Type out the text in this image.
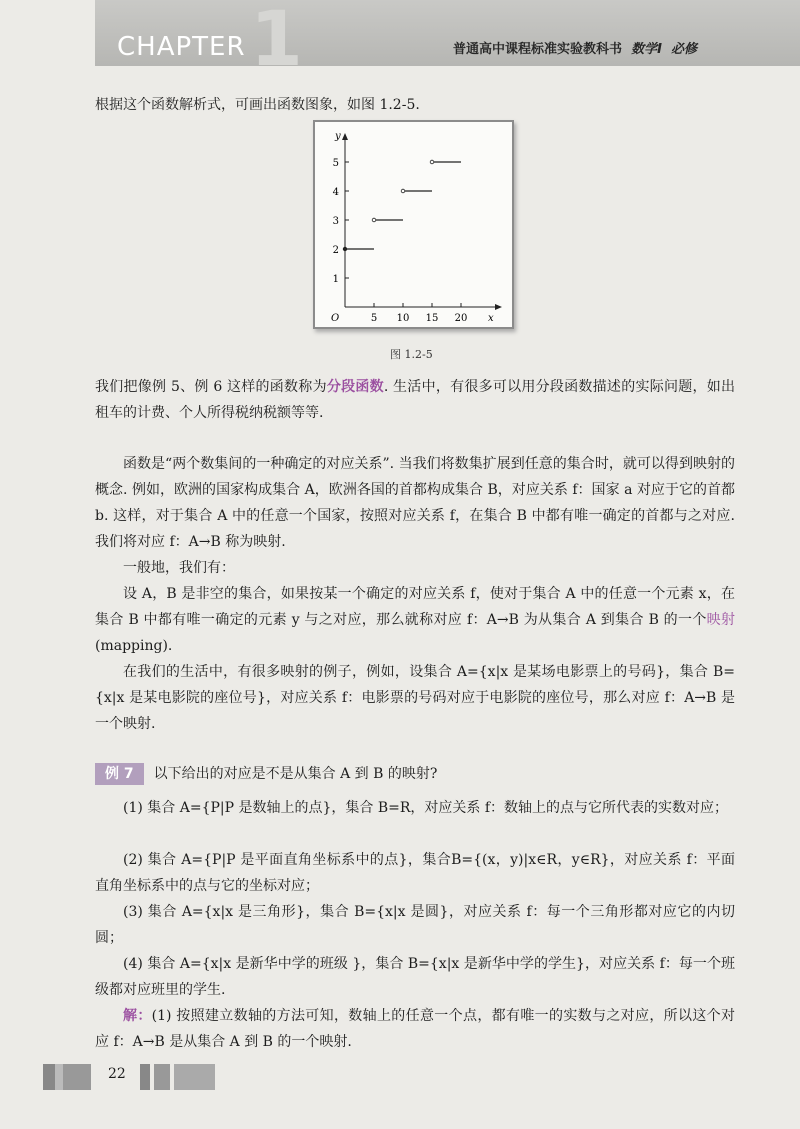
1
CHAPTER	普通高中课程标准实验教科书 数学Ⅰ 必修

根据这个函数解析式，可画出函数图象，如图 1.2-5.

x
y
O	5 10 15 20
1
2
3
4
5
图 1.2-5

我们把像例 5、例 6 这样的函数称为分段函数. 生活中，有很多可以用分段函数描述的实际问题，如出租车的计费、个人所得税纳税额等等.

函数是“两个数集间的一种确定的对应关系”. 当我们将数集扩展到任意的集合时，就可以得到映射的概念. 例如，欧洲的国家构成集合 A，欧洲各国的首都构成集合 B，对应关系 f：国家 a 对应于它的首都 b. 这样，对于集合 A 中的任意一个国家，按照对应关系 f，在集合 B 中都有唯一确定的首都与之对应. 我们将对应 f：A→B 称为映射.

一般地，我们有：

设 A，B 是非空的集合，如果按某一个确定的对应关系 f，使对于集合 A 中的任意一个元素 x，在集合 B 中都有唯一确定的元素 y 与之对应，那么就称对应 f：A→B 为从集合 A 到集合 B 的一个映射(mapping).

在我们的生活中，有很多映射的例子，例如，设集合 A={x|x 是某场电影票上的号码}，集合 B={x|x 是某电影院的座位号}，对应关系 f：电影票的号码对应于电影院的座位号，那么对应 f：A→B 是一个映射.

例 7 以下给出的对应是不是从集合 A 到 B 的映射?

(1) 集合 A={P|P 是数轴上的点}，集合 B=R，对应关系 f：数轴上的点与它所代表的实数对应；

(2) 集合 A={P|P 是平面直角坐标系中的点}，集合B={(x，y)|x∈R，y∈R}，对应关系 f：平面直角坐标系中的点与它的坐标对应；

(3) 集合 A={x|x 是三角形}，集合 B={x|x 是圆}，对应关系 f：每一个三角形都对应它的内切圆；

(4) 集合 A={x|x 是新华中学的班级 }，集合 B={x|x 是新华中学的学生}，对应关系 f：每一个班级都对应班里的学生.

解：(1) 按照建立数轴的方法可知，数轴上的任意一个点，都有唯一的实数与之对应，所以这个对应 f：A→B 是从集合 A 到 B 的一个映射.

22
